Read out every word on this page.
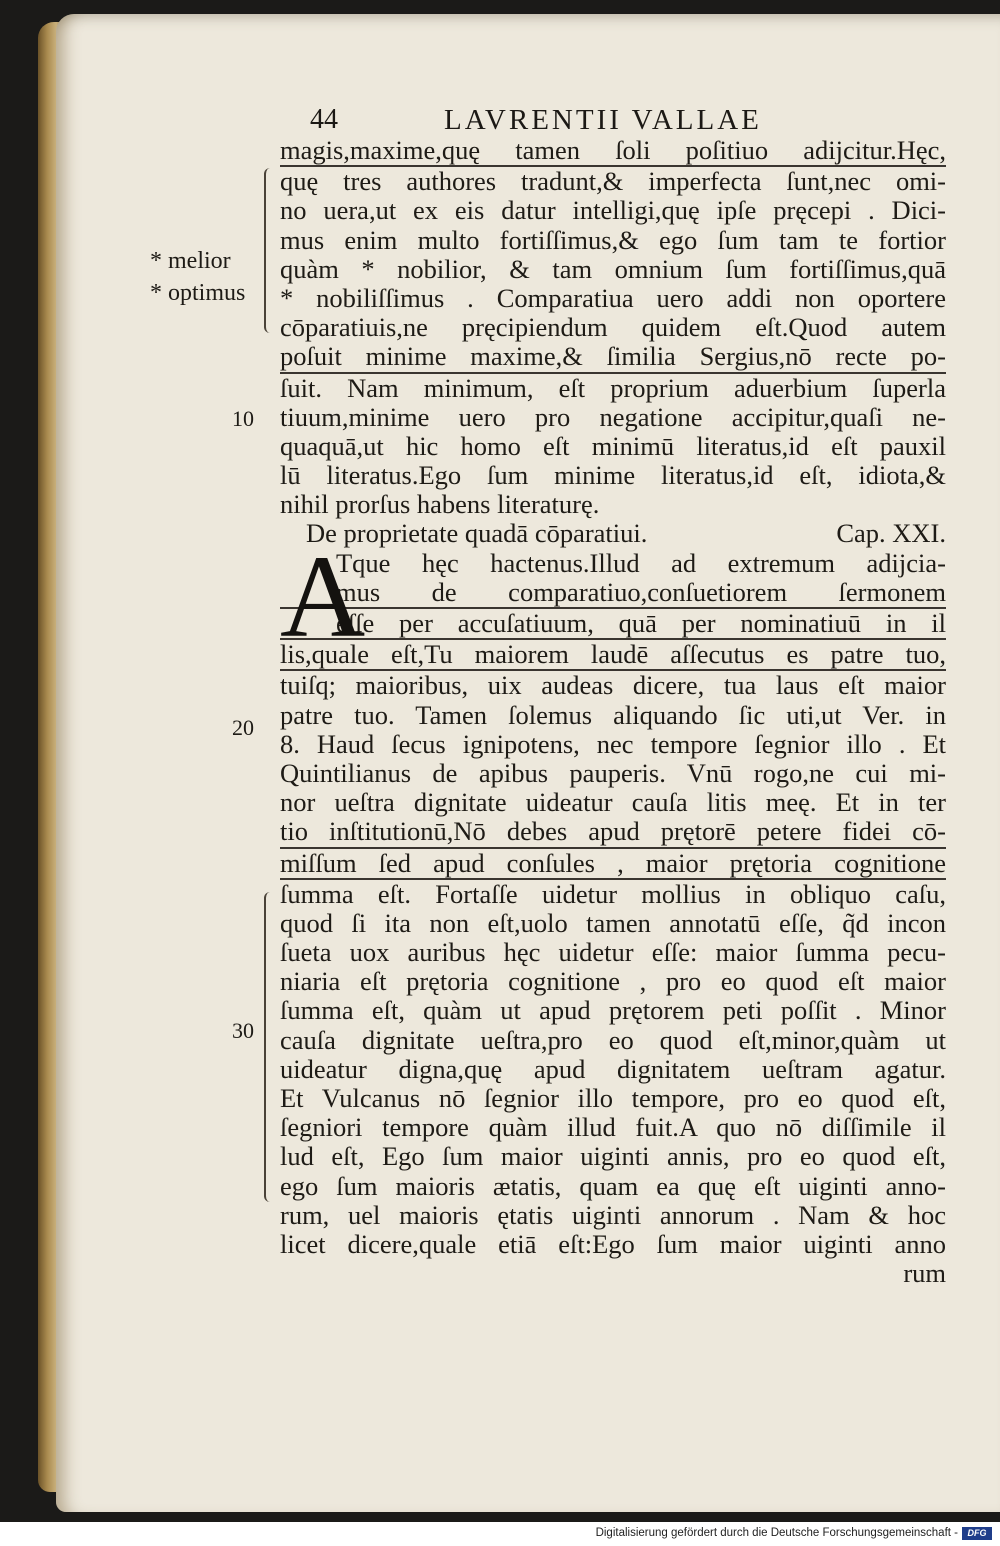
44	LAVRENTII VALLAE
* melior
* optimus
10
20
30
magis,maxime,quę tamen ſoli poſitiuo adijcitur.Hęc,
quę tres authores tradunt,& imperfecta ſunt,nec omi-
no uera,ut ex eis datur intelligi,quę ipſe pręcepi . Dici-
mus enim multo fortiſſimus,& ego ſum tam te fortior
quàm * nobilior, & tam omnium ſum fortiſſimus,quā
* nobiliſſimus . Comparatiua uero addi non oportere
cōparatiuis,ne pręcipiendum quidem eſt.Quod autem
poſuit minime maxime,& ſimilia Sergius,nō recte po-
ſuit. Nam minimum, eſt proprium aduerbium ſuperla
tiuum,minime uero pro negatione accipitur,quaſi ne-
quaquā,ut hic homo eſt minimū literatus,id eſt pauxil
lū literatus.Ego ſum minime literatus,id eſt, idiota,&
nihil prorſus habens literaturę.
De proprietate quadā cōparatiui.	Cap. XXI.
A
Tque hęc hactenus.Illud ad extremum adijcia-
mus de comparatiuo,conſuetiorem ſermonem
eſſe per accuſatiuum, quā per nominatiuū in il
lis,quale eſt,Tu maiorem laudē aſſecutus es patre tuo,
tuiſq; maioribus, uix audeas dicere, tua laus eſt maior
patre tuo. Tamen ſolemus aliquando ſic uti,ut Ver. in
8. Haud ſecus ignipotens, nec tempore ſegnior illo . Et
Quintilianus de apibus pauperis. Vnū rogo,ne cui mi-
nor ueſtra dignitate uideatur cauſa litis meę. Et in ter
tio inſtitutionū,Nō debes apud prętorē petere fidei cō-
miſſum ſed apud conſules , maior prętoria cognitione
ſumma eſt. Fortaſſe uidetur mollius in obliquo caſu,
quod ſi ita non eſt,uolo tamen annotatū eſſe, q̃d incon
ſueta uox auribus hęc uidetur eſſe: maior ſumma pecu-
niaria eſt prętoria cognitione , pro eo quod eſt maior
ſumma eſt, quàm ut apud prętorem peti poſſit . Minor
cauſa dignitate ueſtra,pro eo quod eſt,minor,quàm ut
uideatur digna,quę apud dignitatem ueſtram agatur.
Et Vulcanus nō ſegnior illo tempore, pro eo quod eſt,
ſegniori tempore quàm illud fuit.A quo nō diſſimile il
lud eſt, Ego ſum maior uiginti annis, pro eo quod eſt,
ego ſum maioris ætatis, quam ea quę eſt uiginti anno-
rum, uel maioris ętatis uiginti annorum . Nam & hoc
licet dicere,quale etiā eſt:Ego ſum maior uiginti anno
rum
Digitalisierung gefördert durch die Deutsche Forschungsgemeinschaft -	DFG
